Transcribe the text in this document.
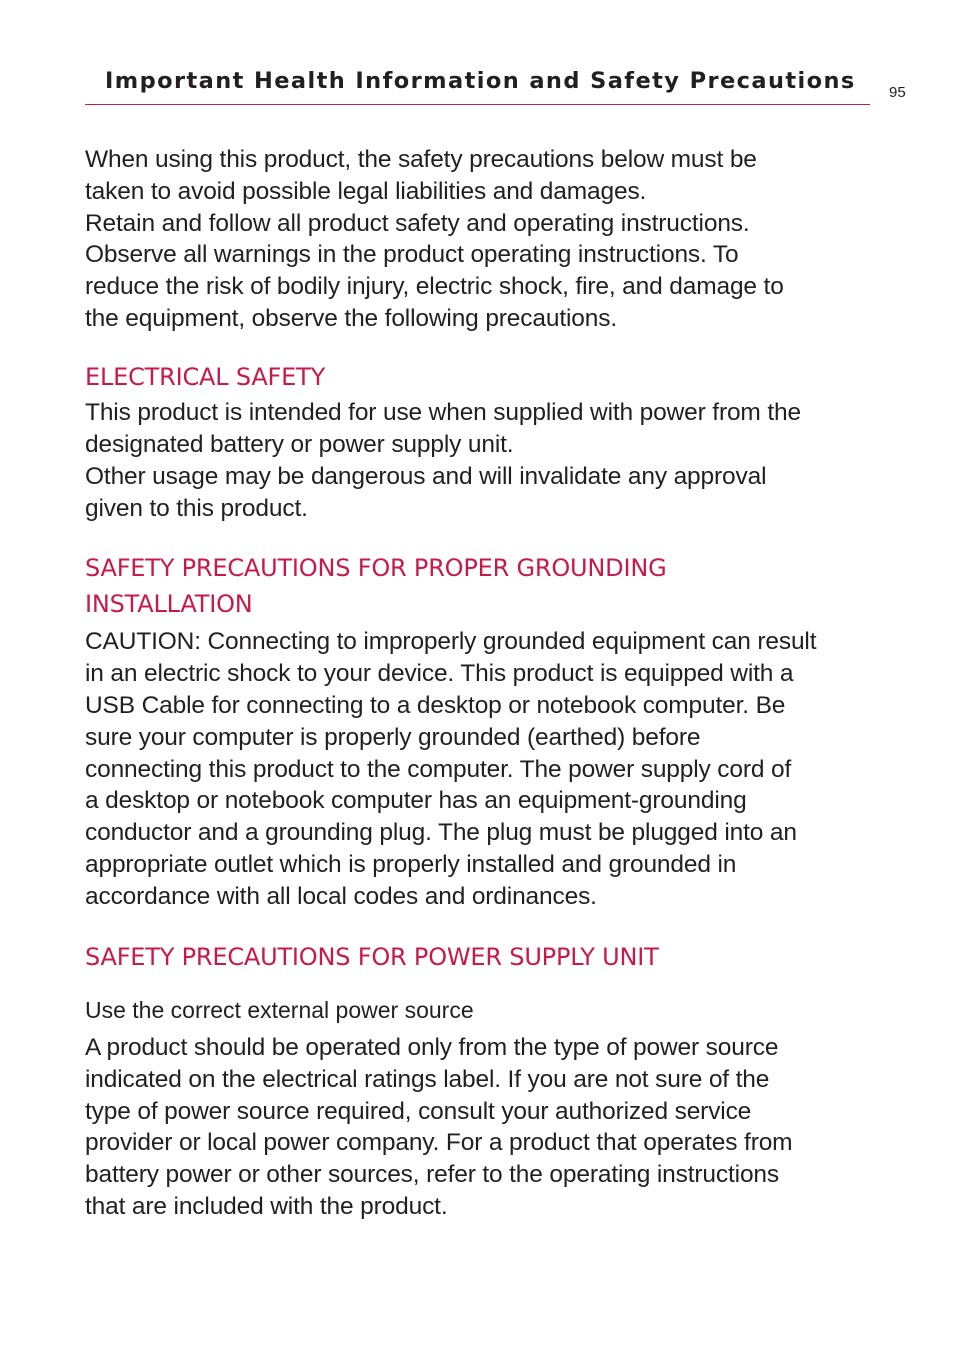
Important Health Information and Safety Precautions 95

When using this product, the safety precautions below must be
taken to avoid possible legal liabilities and damages.
Retain and follow all product safety and operating instructions.
Observe all warnings in the product operating instructions. To
reduce the risk of bodily injury, electric shock, fire, and damage to
the equipment, observe the following precautions.

ELECTRICAL SAFETY

This product is intended for use when supplied with power from the
designated battery or power supply unit.
Other usage may be dangerous and will invalidate any approval
given to this product.

SAFETY PRECAUTIONS FOR PROPER GROUNDING
INSTALLATION

CAUTION: Connecting to improperly grounded equipment can result
in an electric shock to your device. This product is equipped with a
USB Cable for connecting to a desktop or notebook computer. Be
sure your computer is properly grounded (earthed) before
connecting this product to the computer. The power supply cord of
a desktop or notebook computer has an equipment-grounding
conductor and a grounding plug. The plug must be plugged into an
appropriate outlet which is properly installed and grounded in
accordance with all local codes and ordinances.

SAFETY PRECAUTIONS FOR POWER SUPPLY UNIT
Use the correct external power source

A product should be operated only from the type of power source
indicated on the electrical ratings label. If you are not sure of the
type of power source required, consult your authorized service
provider or local power company. For a product that operates from
battery power or other sources, refer to the operating instructions
that are included with the product.
